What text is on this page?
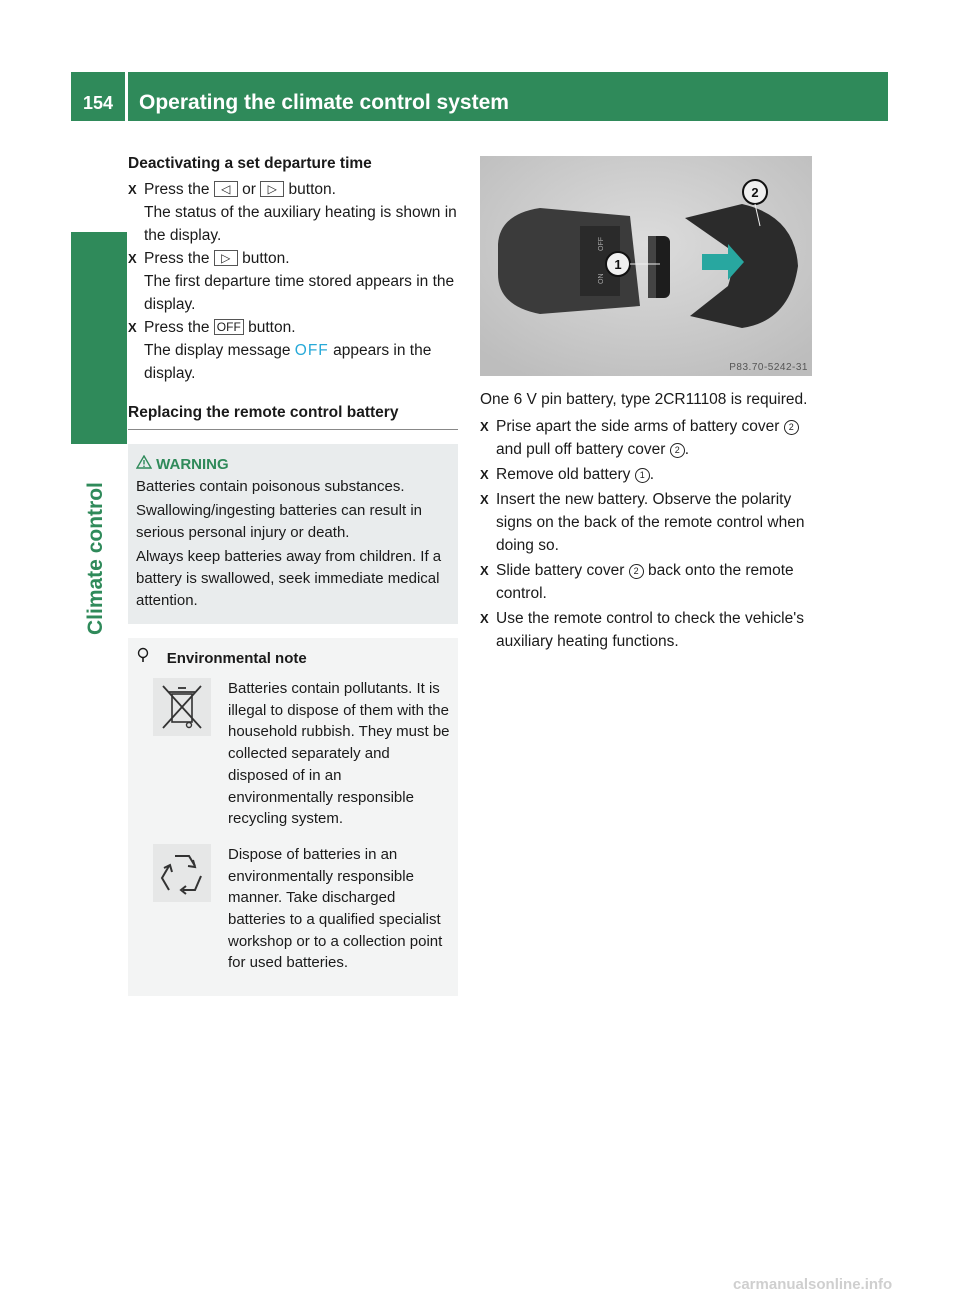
154	Operating the climate control system
Climate control
Deactivating a set departure time
X Press the ◁ or ▷ button.
The status of the auxiliary heating is shown in the display.
X Press the ▷ button.
The first departure time stored appears in the display.
X Press the OFF button.
The display message OFF appears in the display.
Replacing the remote control battery
WARNING

Batteries contain poisonous substances.

Swallowing/ingesting batteries can result in serious personal injury or death.

Always keep batteries away from children. If a battery is swallowed, seek immediate medical attention.

Environmental note
Batteries contain pollutants. It is illegal to dispose of them with the household rubbish. They must be collected separately and disposed of in an environmentally responsible recycling system.
Dispose of batteries in an environmentally responsible manner. Take discharged batteries to a qualified specialist workshop or to a collection point for used batteries.
OFF
ON
1
2
P83.70-5242-31

One 6 V pin battery, type 2CR11108 is required.

X Prise apart the side arms of battery cover 2 and pull off battery cover 2 .
X Remove old battery 1 .
X Insert the new battery. Observe the polarity signs on the back of the remote control when doing so.
X Slide battery cover 2 back onto the remote control.
X Use the remote control to check the vehicle's auxiliary heating functions.
carmanualsonline.info
